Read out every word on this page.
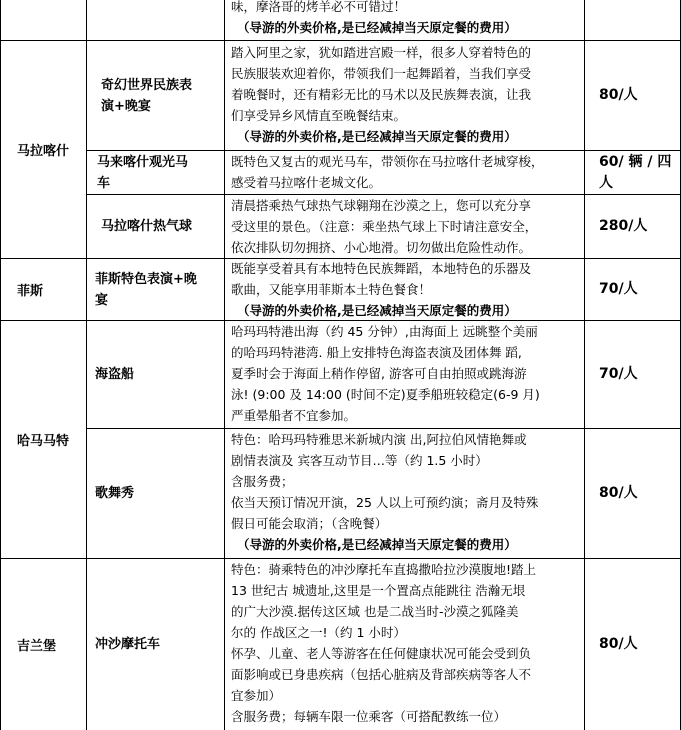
味，摩洛哥的烤羊必不可错过！
（导游的外卖价格,是已经减掉当天原定餐的费用）
马拉喀什
奇幻世界民族表
演+晚宴
踏入阿里之家，犹如踏进宫殿一样，很多人穿着特色的
民族服装欢迎着你，带领我们一起舞蹈着，当我们享受
着晚餐时，还有精彩无比的马术以及民族舞表演，让我
们享受异乡风情直至晚餐结束。
（导游的外卖价格,是已经减掉当天原定餐的费用）
80/人
马来喀什观光马
车
既特色又复古的观光马车，带领你在马拉喀什老城穿梭，
感受着马拉喀什老城文化。
60/ 辆 / 四人
马拉喀什热气球
清晨搭乘热气球热气球翱翔在沙漠之上，您可以充分享
受这里的景色。（注意：乘坐热气球上下时请注意安全，
依次排队切勿拥挤、小心地滑。切勿做出危险性动作。
280/人
菲斯
菲斯特色表演+晚
宴
既能享受着具有本地特色民族舞蹈，本地特色的乐器及
歌曲，又能享用菲斯本土特色餐食！
（导游的外卖价格,是已经减掉当天原定餐的费用）
70/人
哈马马特
海盗船
哈玛玛特港出海（约 45 分钟）,由海面上 远眺整个美丽
的哈玛玛特港湾. 船上安排特色海盗表演及团体舞 蹈,
夏季时会于海面上稍作停留, 游客可自由拍照或跳海游
泳! (9:00 及 14:00 (时间不定)夏季船班较稳定(6-9 月)
严重晕船者不宜参加。
70/人
歌舞秀
特色：哈玛玛特雅思米新城内演 出,阿拉伯风情艳舞或
剧情表演及 宾客互动节目…等（约 1.5 小时）
含服务费；
依当天预订情况开演，25 人以上可预约演；斋月及特殊
假日可能会取消；（含晚餐）
（导游的外卖价格,是已经减掉当天原定餐的费用）
80/人
吉兰堡	冲沙摩托车
特色：骑乘特色的冲沙摩托车直捣撒哈拉沙漠腹地!踏上
13 世纪古 城遗址,这里是一个置高点能跳往 浩瀚无垠
的广大沙漠.据传这区域 也是二战当时-沙漠之狐隆美
尔的 作战区之一!（约 1 小时）
怀孕、儿童、老人等游客在任何健康状况可能会受到负
面影响或已身患疾病（包括心脏病及背部疾病等客人不
宜参加）
含服务费；每辆车限一位乘客（可搭配教练一位）
80/人
